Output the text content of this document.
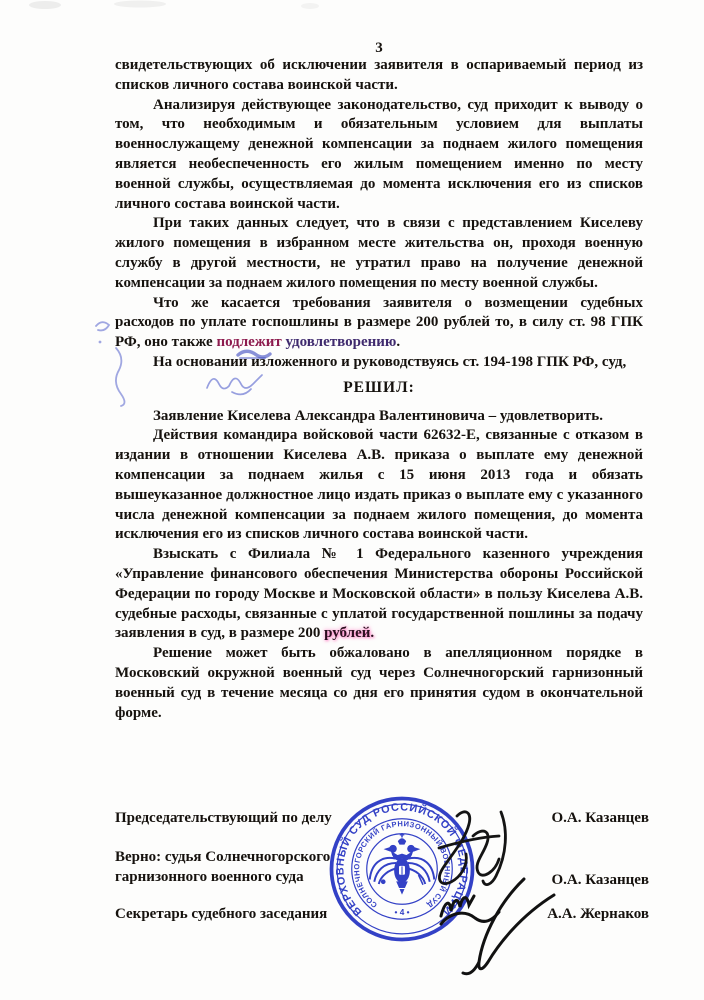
3

свидетельствующих об исключении заявителя в оспариваемый период из списков личного состава воинской части.

Анализируя действующее законодательство, суд приходит к выводу о том, что необходимым и обязательным условием для выплаты военнослужащему денежной компенсации за поднаем жилого помещения является необеспеченность его жилым помещением именно по месту военной службы, осуществляемая до момента исключения его из списков личного состава воинской части.

При таких данных следует, что в связи с представлением Киселеву жилого помещения в избранном месте жительства он, проходя военную службу в другой местности, не утратил право на получение денежной компенсации за поднаем жилого помещения по месту военной службы.

Что же касается требования заявителя о возмещении судебных расходов по уплате госпошлины в размере 200 рублей то, в силу ст. 98 ГПК РФ, оно также подлежит удовлетворению.

На основании изложенного и руководствуясь ст. 194-198 ГПК РФ, суд,

РЕШИЛ:

Заявление Киселева Александра Валентиновича – удовлетворить.

Действия командира войсковой части 62632-Е, связанные с отказом в издании в отношении Киселева А.В. приказа о выплате ему денежной компенсации за поднаем жилья с 15 июня 2013 года и обязать вышеуказанное должностное лицо издать приказ о выплате ему с указанного числа денежной компенсации за поднаем жилого помещения, до момента исключения его из списков личного состава воинской части.

Взыскать с Филиала № 1 Федерального казенного учреждения «Управление финансового обеспечения Министерства обороны Российской Федерации по городу Москве и Московской области» в пользу Киселева А.В. судебные расходы, связанные с уплатой государственной пошлины за подачу заявления в суд, в размере 200 рублей.

Решение может быть обжаловано в апелляционном порядке в Московский окружной военный суд через Солнечногорский гарнизонный военный суд в течение месяца со дня его принятия судом в окончательной форме.

Председательствующий по делу	О.А. Казанцев
Верно: судья Солнечногорского гарнизонного военного суда	О.А. Казанцев
Секретарь судебного заседания	А.А. Жернаков
ВЕРХОВНЫЙ СУД РОССИЙСКОЙ ФЕДЕРАЦИИ
СОЛНЕЧНОГОРСКИЙ ГАРНИЗОННЫЙ ВОЕННЫЙ СУД
• 4 •
